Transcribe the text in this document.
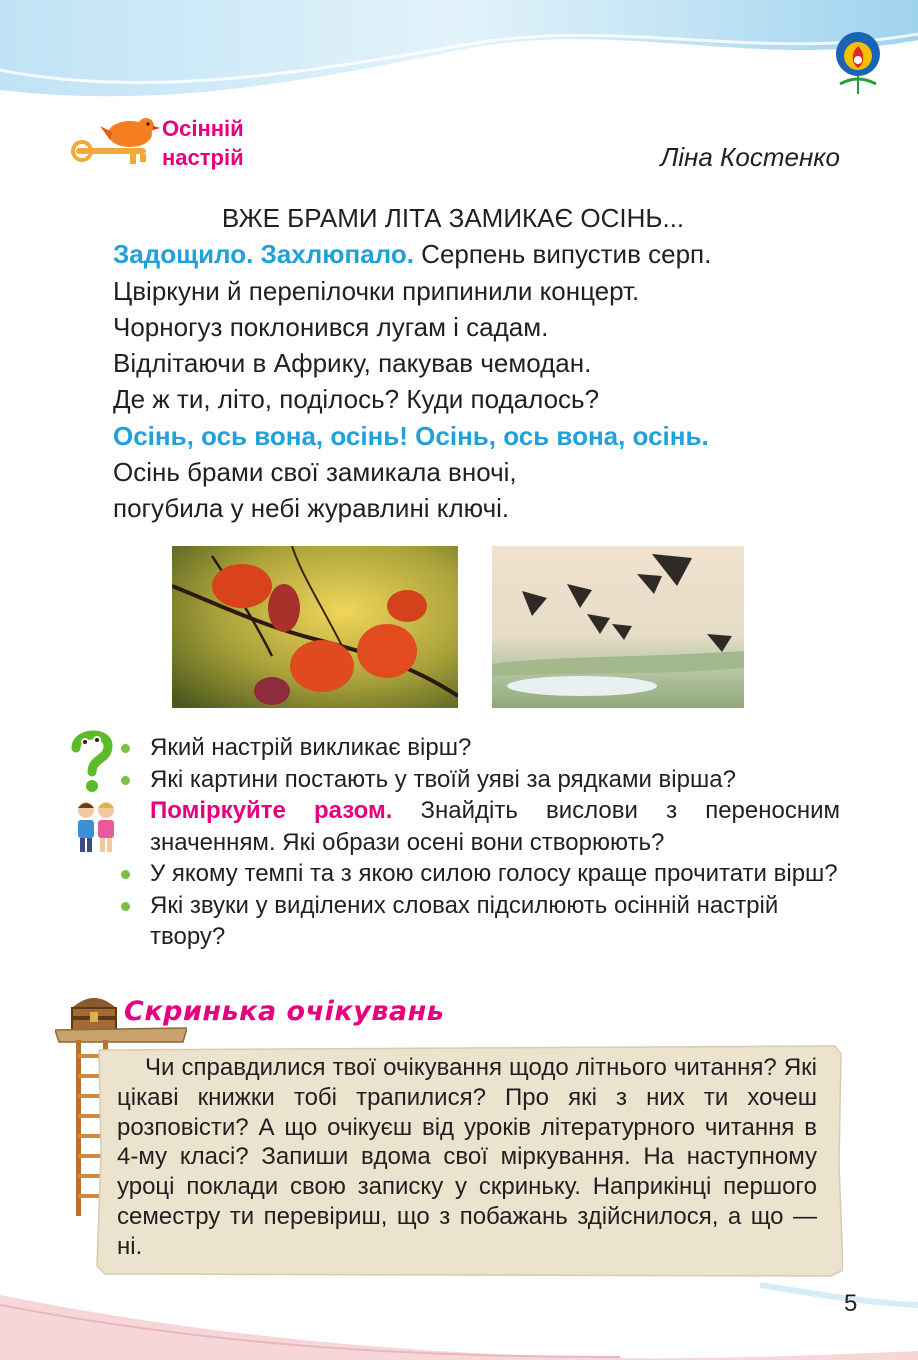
Осінній
настрій	Ліна Костенко
ВЖЕ БРАМИ ЛІТА ЗАМИКАЄ ОСІНЬ...
Задощило. Захлюпало. Серпень випустив серп.
Цвіркуни й перепілочки припинили концерт.
Чорногуз поклонився лугам і садам.
Відлітаючи в Африку, пакував чемодан.
Де ж ти, літо, поділось? Куди подалось?
Осінь, ось вона, осінь! Осінь, ось вона, осінь.
Осінь брами свої замикала вночі,
погубила у небі журавлині ключі.
Який настрій викликає вірш?
Які картини постають у твоїй уяві за рядками вірша?
Поміркуйте разом. Знайдіть вислови з переносним значенням. Які образи осені вони створюють?
У якому темпі та з якою силою голосу краще прочитати вірш?
Які звуки у виділених словах підсилюють осінній настрій твору?
Скринька очікувань
Чи справдилися твої очікування щодо літнього читання? Які цікаві книжки тобі трапилися? Про які з них ти хочеш розповісти? А що очікуєш від уроків літературного читання в 4-му класі? Запиши вдома свої міркування. На наступному уроці поклади свою записку у скриньку. Наприкінці першого семестру ти перевіриш, що з побажань здійснилося, а що — ні.
5
